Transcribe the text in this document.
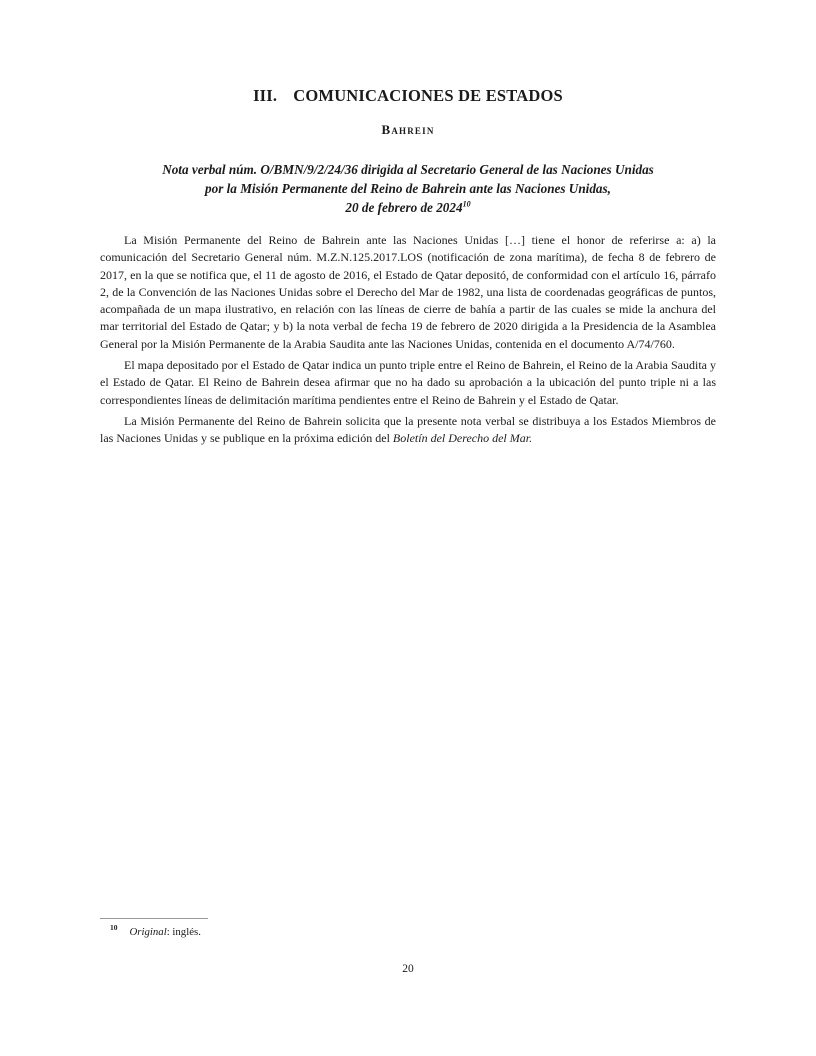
III. COMUNICACIONES DE ESTADOS
Bahrein
Nota verbal núm. O/BMN/9/2/24/36 dirigida al Secretario General de las Naciones Unidas
por la Misión Permanente del Reino de Bahrein ante las Naciones Unidas,
20 de febrero de 2024$^{10}$

La Misión Permanente del Reino de Bahrein ante las Naciones Unidas […] tiene el honor de referirse a: a) la comunicación del Secretario General núm. M.Z.N.125.2017.LOS (notificación de zona marítima), de fecha 8 de febrero de 2017, en la que se notifica que, el 11 de agosto de 2016, el Estado de Qatar depositó, de conformidad con el artículo 16, párrafo 2, de la Convención de las Naciones Unidas sobre el Derecho del Mar de 1982, una lista de coordenadas geográficas de puntos, acompañada de un mapa ilustrativo, en relación con las líneas de cierre de bahía a partir de las cuales se mide la anchura del mar territorial del Estado de Qatar; y b) la nota verbal de fecha 19 de febrero de 2020 dirigida a la Presidencia de la Asamblea General por la Misión Permanente de la Arabia Saudita ante las Naciones Unidas, contenida en el documento A/74/760.

El mapa depositado por el Estado de Qatar indica un punto triple entre el Reino de Bahrein, el Reino de la Arabia Saudita y el Estado de Qatar. El Reino de Bahrein desea afirmar que no ha dado su aprobación a la ubicación del punto triple ni a las correspondientes líneas de delimitación marítima pendientes entre el Reino de Bahrein y el Estado de Qatar.

La Misión Permanente del Reino de Bahrein solicita que la presente nota verbal se distribuya a los Estados Miembros de las Naciones Unidas y se publique en la próxima edición del Boletín del Derecho del Mar.

$^{10}$ Original: inglés.
20
